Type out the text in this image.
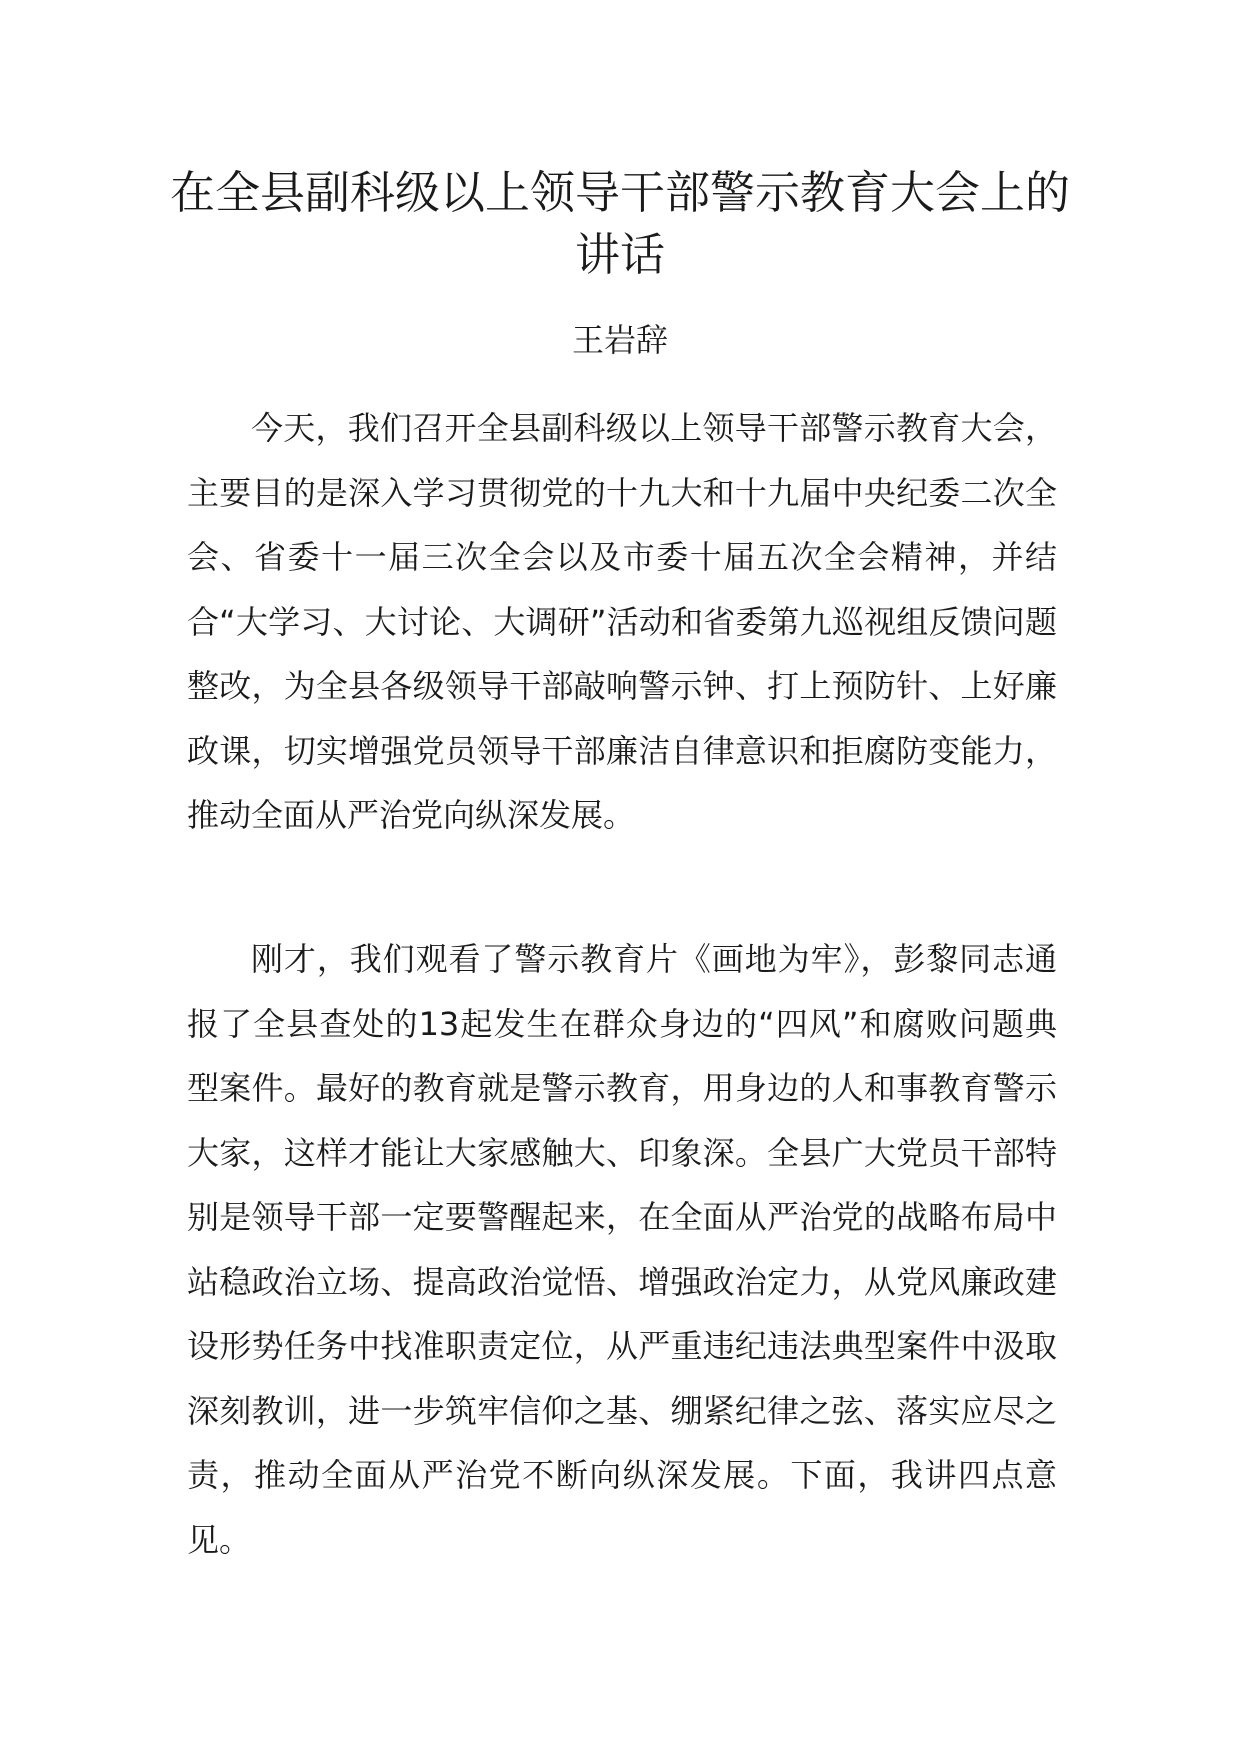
在全县副科级以上领导干部警示教育大会上的讲话

王岩辞

今天，我们召开全县副科级以上领导干部警示教育大会，主要目的是深入学习贯彻党的十九大和十九届中央纪委二次全会、省委十一届三次全会以及市委十届五次全会精神，并结合“大学习、大讨论、大调研”活动和省委第九巡视组反馈问题整改，为全县各级领导干部敲响警示钟、打上预防针、上好廉政课，切实增强党员领导干部廉洁自律意识和拒腐防变能力，推动全面从严治党向纵深发展。

刚才，我们观看了警示教育片《画地为牢》，彭黎同志通报了全县查处的13起发生在群众身边的“四风”和腐败问题典型案件。最好的教育就是警示教育，用身边的人和事教育警示大家，这样才能让大家感触大、印象深。全县广大党员干部特别是领导干部一定要警醒起来，在全面从严治党的战略布局中站稳政治立场、提高政治觉悟、增强政治定力，从党风廉政建设形势任务中找准职责定位，从严重违纪违法典型案件中汲取深刻教训，进一步筑牢信仰之基、绷紧纪律之弦、落实应尽之责，推动全面从严治党不断向纵深发展。下面，我讲四点意见。
